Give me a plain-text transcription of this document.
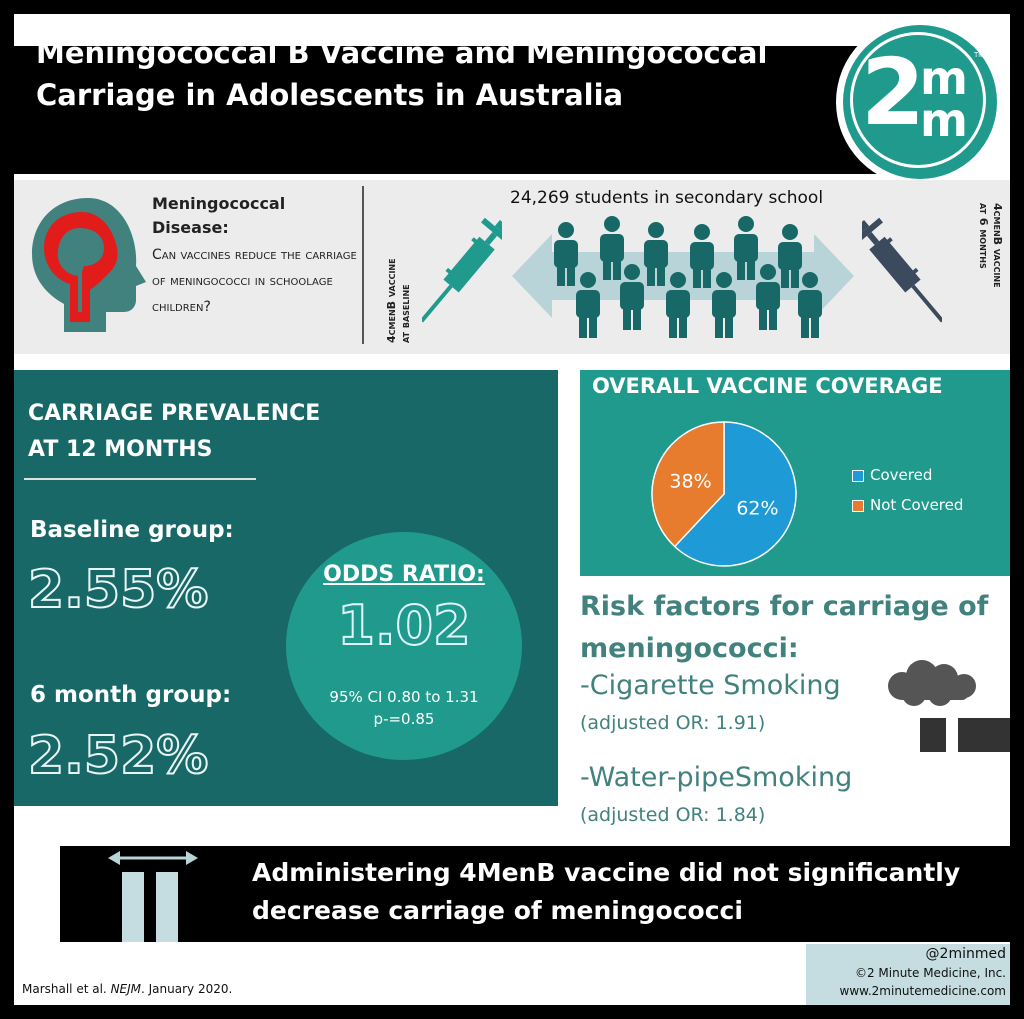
Meningococcal B Vaccine and Meningococcal Carriage in Adolescents in Australia	2
m
m
TM
Meningococcal Disease:
Can vaccines reduce the carriage of meningococci in schoolage children?	4cmenB vaccine at baseline
24,269 students in secondary school
4cmenB vaccine
at 6 months
CARRIAGE PREVALENCE AT 12 MONTHS
Baseline group:
2.55%
6 month group:
2.52%
ODDS RATIO:
1.02
95% CI 0.80 to 1.31
p-=0.85
OVERALL VACCINE COVERAGE
62%
38%	Covered
Not Covered
Risk factors for carriage of meningococci:
-Cigarette Smoking
(adjusted OR: 1.91)
-Water-pipeSmoking
(adjusted OR: 1.84)
Administering 4MenB vaccine did not significantly decrease carriage of meningococci
@2minmed
©2 Minute Medicine, Inc.
www.2minutemedicine.com
Marshall et al. NEJM. January 2020.
